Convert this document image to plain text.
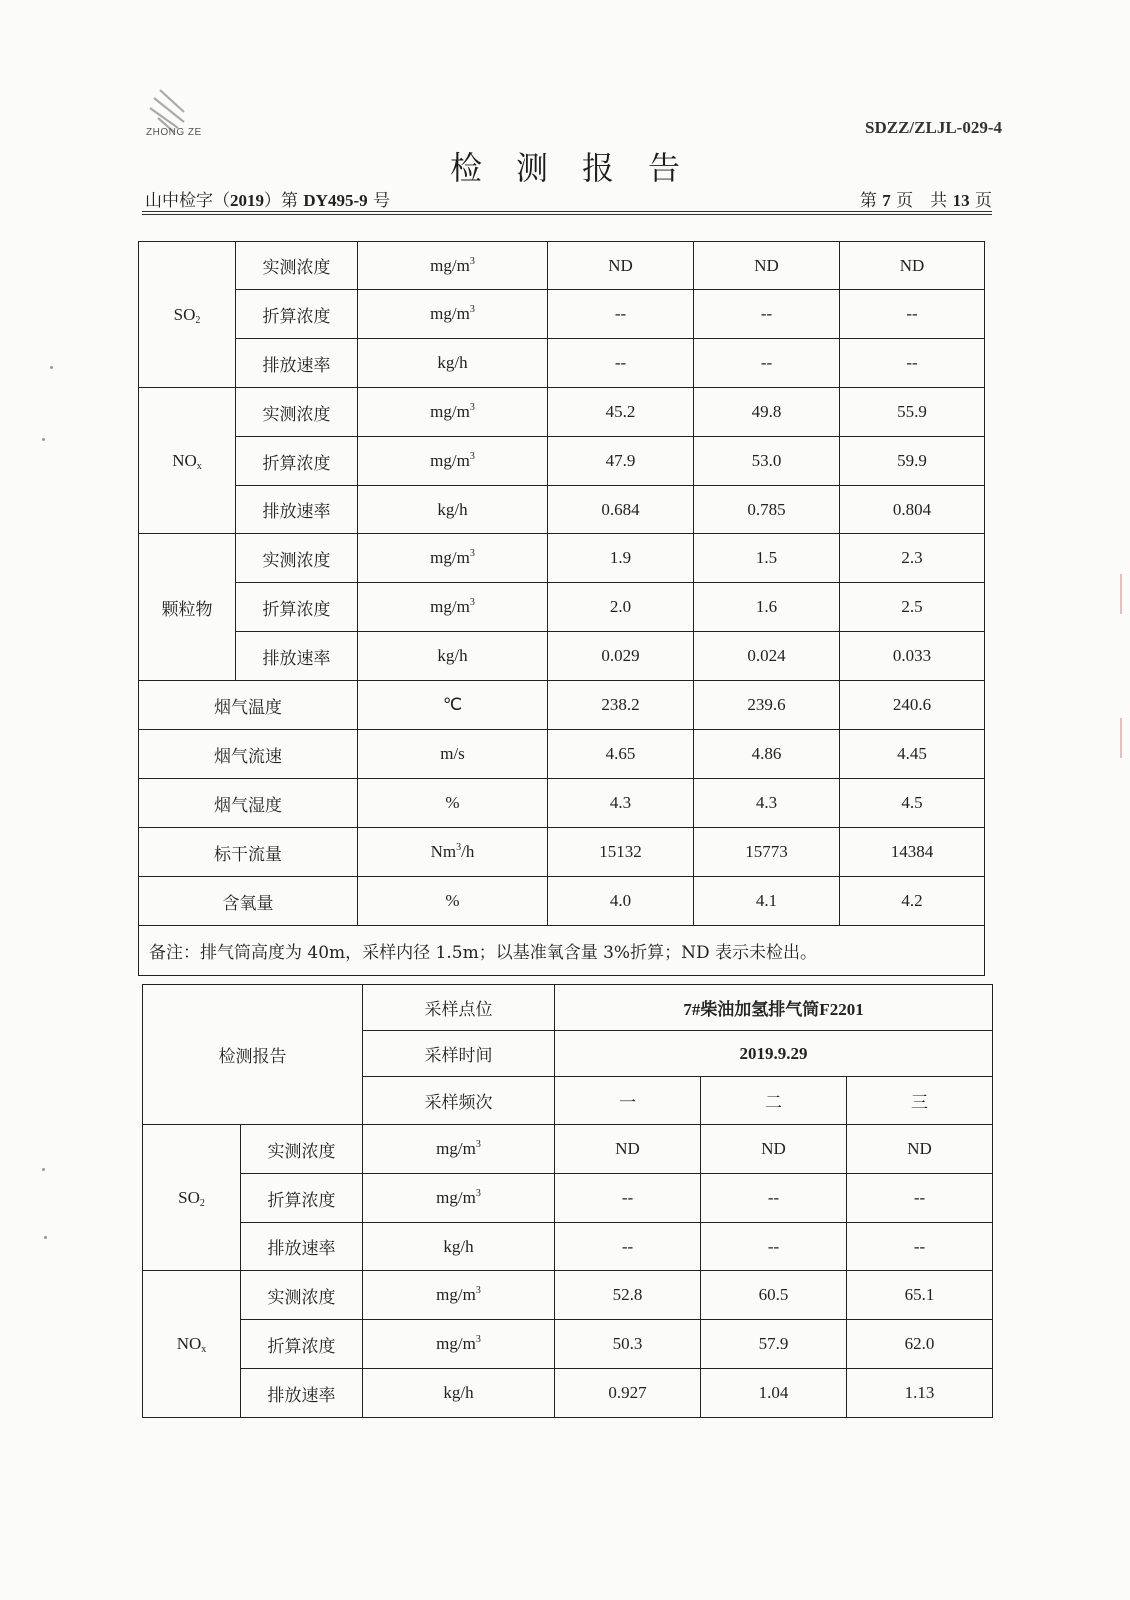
ZHONG ZE	SDZZ/ZLJL-029-4
检测报告
山中检字（2019）第 DY495-9 号	第 7 页　共 13 页
$SO_2$	实测浓度	$mg/m^3$	ND	ND	ND
	折算浓度	$mg/m^3$	--	--	--
	排放速率	kg/h	--	--	--
$NO_x$	实测浓度	$mg/m^3$	45.2	49.8	55.9
	折算浓度	$mg/m^3$	47.9	53.0	59.9
	排放速率	kg/h	0.684	0.785	0.804
颗粒物	实测浓度	$mg/m^3$	1.9	1.5	2.3
	折算浓度	$mg/m^3$	2.0	1.6	2.5
	排放速率	kg/h	0.029	0.024	0.033
烟气温度		℃	238.2	239.6	240.6
烟气流速		m/s	4.65	4.86	4.45
烟气湿度		%	4.3	4.3	4.5
标干流量		Nm$^3$/h	15132	15773	14384
含氧量		%	4.0	4.1	4.2
备注：排气筒高度为 40m，采样内径 1.5m；以基准氧含量 3%折算；ND 表示未检出。					
检测报告		采样点位	7#柴油加氢排气筒F2201		
		采样时间	2019.9.29		
		采样频次	一	二	三
$SO_2$	实测浓度	$mg/m^3$	ND	ND	ND
	折算浓度	$mg/m^3$	--	--	--
	排放速率	kg/h	--	--	--
$NO_x$	实测浓度	$mg/m^3$	52.8	60.5	65.1
	折算浓度	$mg/m^3$	50.3	57.9	62.0
	排放速率	kg/h	0.927	1.04	1.13
